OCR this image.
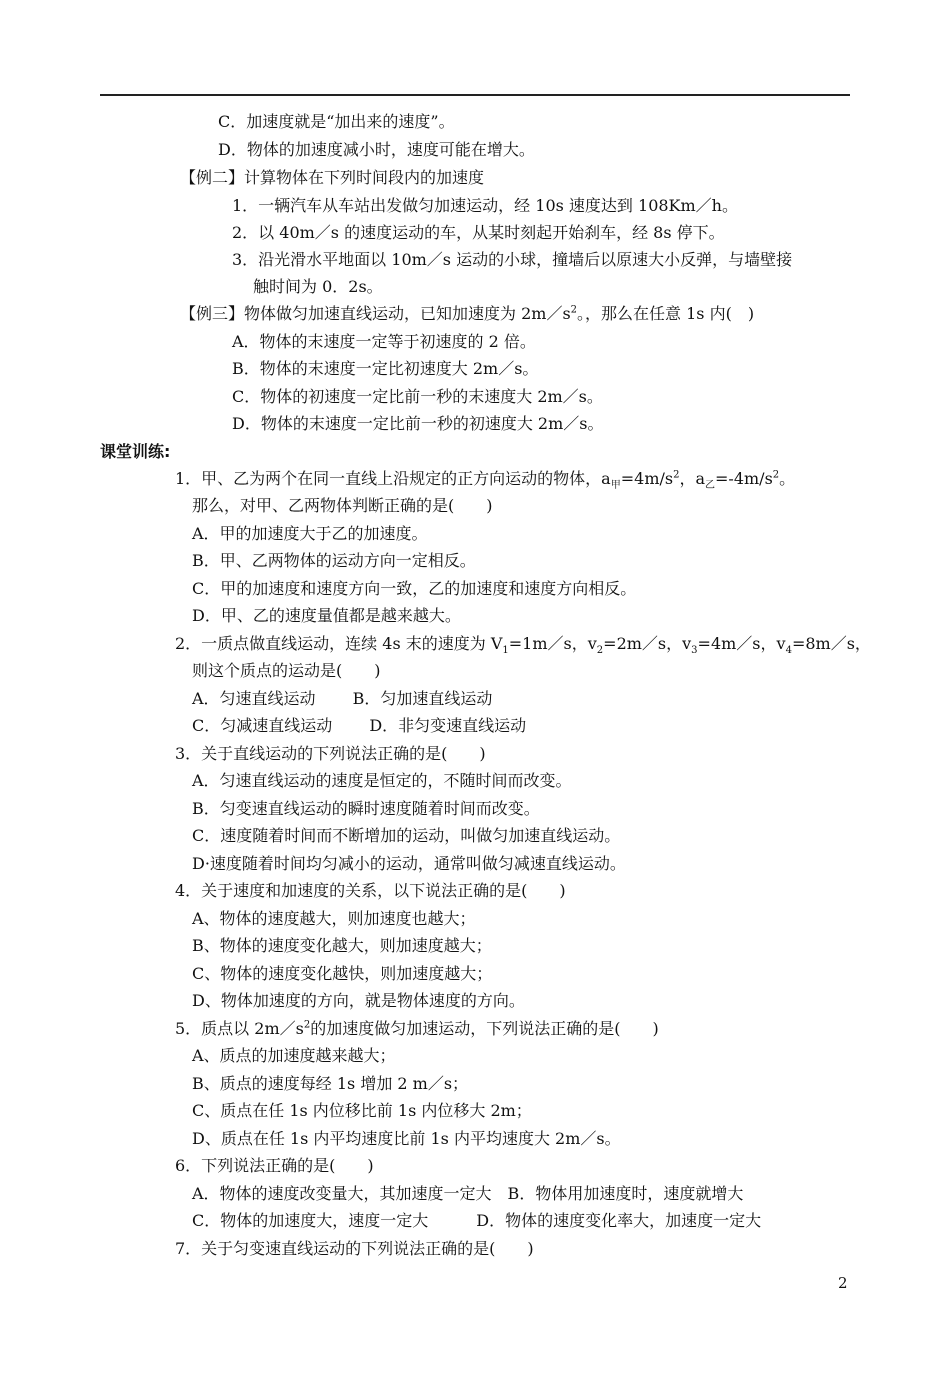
C．加速度就是“加出来的速度”。
D．物体的加速度减小时，速度可能在增大。
【例二】计算物体在下列时间段内的加速度
1．一辆汽车从车站出发做匀加速运动，经 10s 速度达到 108Km／h。
2．以 40m／s 的速度运动的车，从某时刻起开始刹车，经 8s 停下。
3．沿光滑水平地面以 10m／s 运动的小球，撞墙后以原速大小反弹，与墙壁接
触时间为 0．2s。
【例三】物体做匀加速直线运动，已知加速度为 $2m/s^2$。，那么在任意 1s 内(　)
A．物体的末速度一定等于初速度的 2 倍。
B．物体的末速度一定比初速度大 2m／s。
C．物体的初速度一定比前一秒的末速度大 2m／s。
D．物体的末速度一定比前一秒的初速度大 2m／s。
课堂训练:
1．甲、乙为两个在同一直线上沿规定的正方向运动的物体，$a_甲=4m/s^2$，$a_乙=-4m/s^2$。
那么，对甲、乙两物体判断正确的是(　　)
A．甲的加速度大于乙的加速度。
B．甲、乙两物体的运动方向一定相反。
C．甲的加速度和速度方向一致，乙的加速度和速度方向相反。
D．甲、乙的速度量值都是越来越大。
2．一质点做直线运动，连续 4s 末的速度为 $V_1=1m/s$，$v_2=2m/s$，$v_3=4m/s$，$v_4=8m/s$，
则这个质点的运动是(　　)
A．匀速直线运动　　 B．匀加速直线运动
C．匀减速直线运动　　 D．非匀变速直线运动
3．关于直线运动的下列说法正确的是(　　)
A．匀速直线运动的速度是恒定的，不随时间而改变。
B．匀变速直线运动的瞬时速度随着时间而改变。
C．速度随着时间而不断增加的运动，叫做匀加速直线运动。
D·速度随着时间均匀减小的运动，通常叫做匀减速直线运动。
4．关于速度和加速度的关系，以下说法正确的是(　　)
A、物体的速度越大，则加速度也越大；
B、物体的速度变化越大，则加速度越大；
C、物体的速度变化越快，则加速度越大；
D、物体加速度的方向，就是物体速度的方向。
5．质点以 $2m/s^2$的加速度做匀加速运动，下列说法正确的是(　　)
A、质点的加速度越来越大；
B、质点的速度每经 1s 增加 2 m／s；
C、质点在任 1s 内位移比前 1s 内位移大 2m；
D、质点在任 1s 内平均速度比前 1s 内平均速度大 2m／s。
6．下列说法正确的是(　　)
A．物体的速度改变量大，其加速度一定大　B．物体用加速度时，速度就增大
C．物体的加速度大，速度一定大　　　D．物体的速度变化率大，加速度一定大
7．关于匀变速直线运动的下列说法正确的是(　　)
2
